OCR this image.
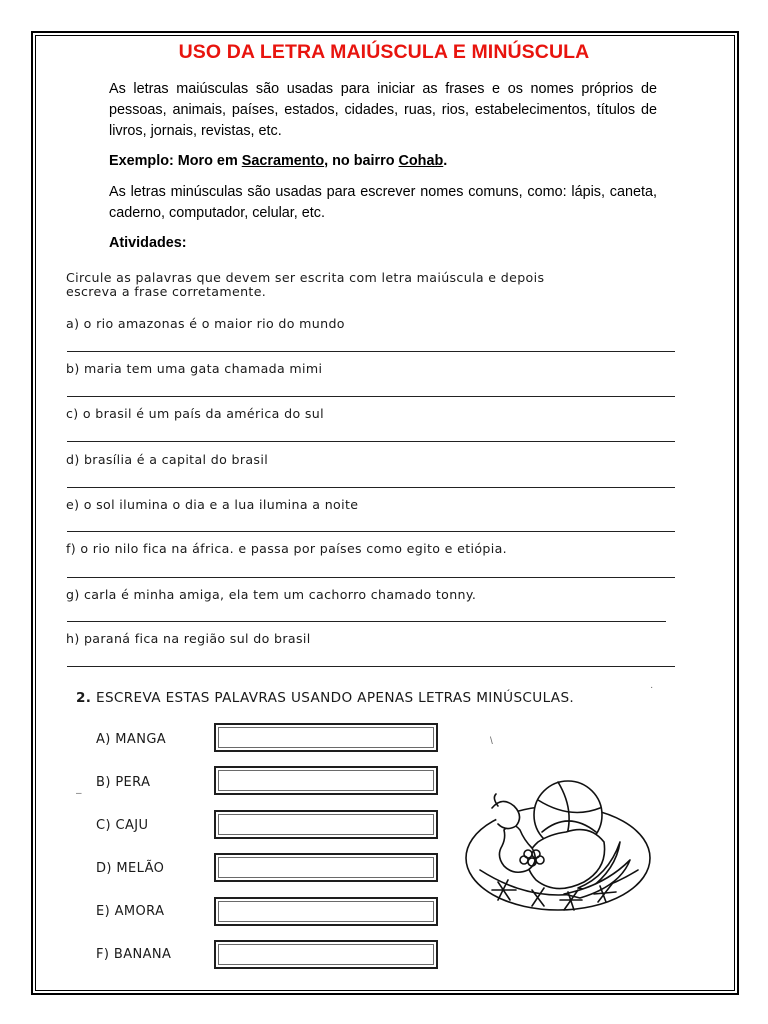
USO DA LETRA MAIÚSCULA E MINÚSCULA
As letras maiúsculas são usadas para iniciar as frases e os nomes próprios de pessoas, animais, países, estados, cidades, ruas, rios, estabelecimentos, títulos de livros, jornais, revistas, etc.
Exemplo: Moro em Sacramento, no bairro Cohab.
As letras minúsculas são usadas para escrever nomes comuns, como: lápis, caneta, caderno, computador, celular, etc.
Atividades:
Circule as palavras que devem ser escrita com letra maiúscula e depois
escreva a frase corretamente.
a) o rio amazonas é o maior rio do mundo
b) maria tem uma gata chamada mimi
c) o brasil é um país da américa do sul
d) brasília é a capital do brasil
e) o sol ilumina o dia e a lua ilumina a noite
f) o rio nilo fica na áfrica. e passa por países como egito e etiópia.
g) carla é minha amiga, ela tem um cachorro chamado tonny.
h) paraná fica na região sul do brasil
2. ESCREVA ESTAS PALAVRAS USANDO APENAS LETRAS MINÚSCULAS.
A) MANGA
B) PERA
C) CAJU
D) MELÃO
E) AMORA
F) BANANA
–
\
·
